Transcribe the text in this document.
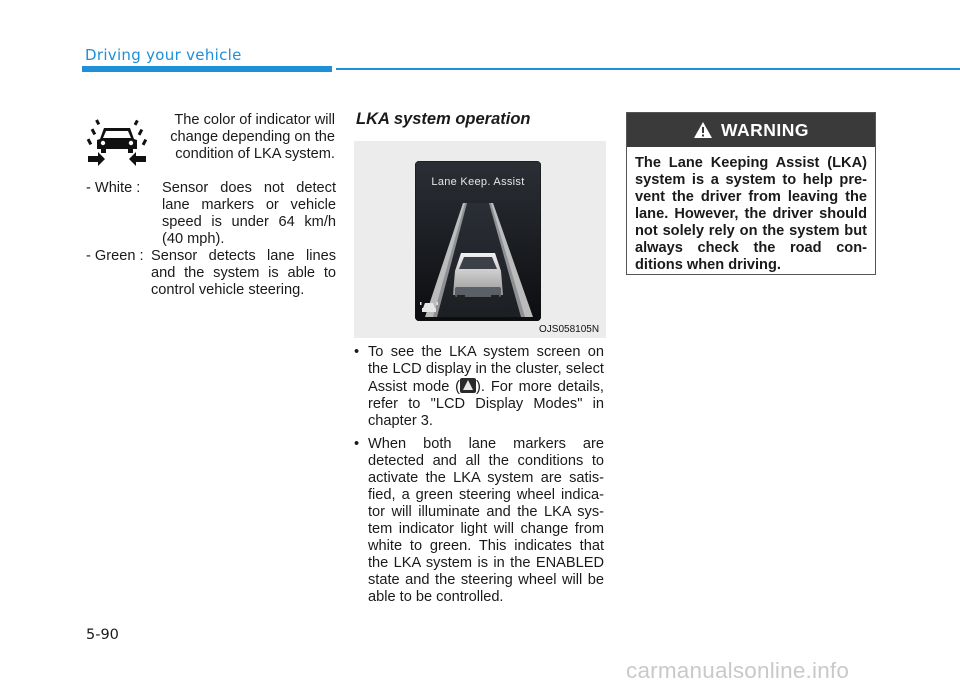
Driving your vehicle
The color of indicator will change depending on the condition of LKA system.
- White :	Sensor does not detect lane markers or vehicle speed is under 64 km/h (40 mph).
- Green : Sensor detects lane lines and the system is able to control vehicle steering.
LKA system operation
Lane Keep. Assist
OJS058105N
• To see the LKA system screen on the LCD display in the cluster, select Assist mode ( ). For more details, refer to "LCD Display Modes" in chapter 3.
• When both lane markers are detected and all the conditions to activate the LKA system are satis-fied, a green steering wheel indica-tor will illuminate and the LKA sys-tem indicator light will change from white to green. This indicates that the LKA system is in the ENABLED state and the steering wheel will be able to be controlled.
WARNING
The Lane Keeping Assist (LKA) system is a system to help pre-vent the driver from leaving the lane. However, the driver should not solely rely on the system but always check the road con-ditions when driving.
5-90
carmanualsonline.info
